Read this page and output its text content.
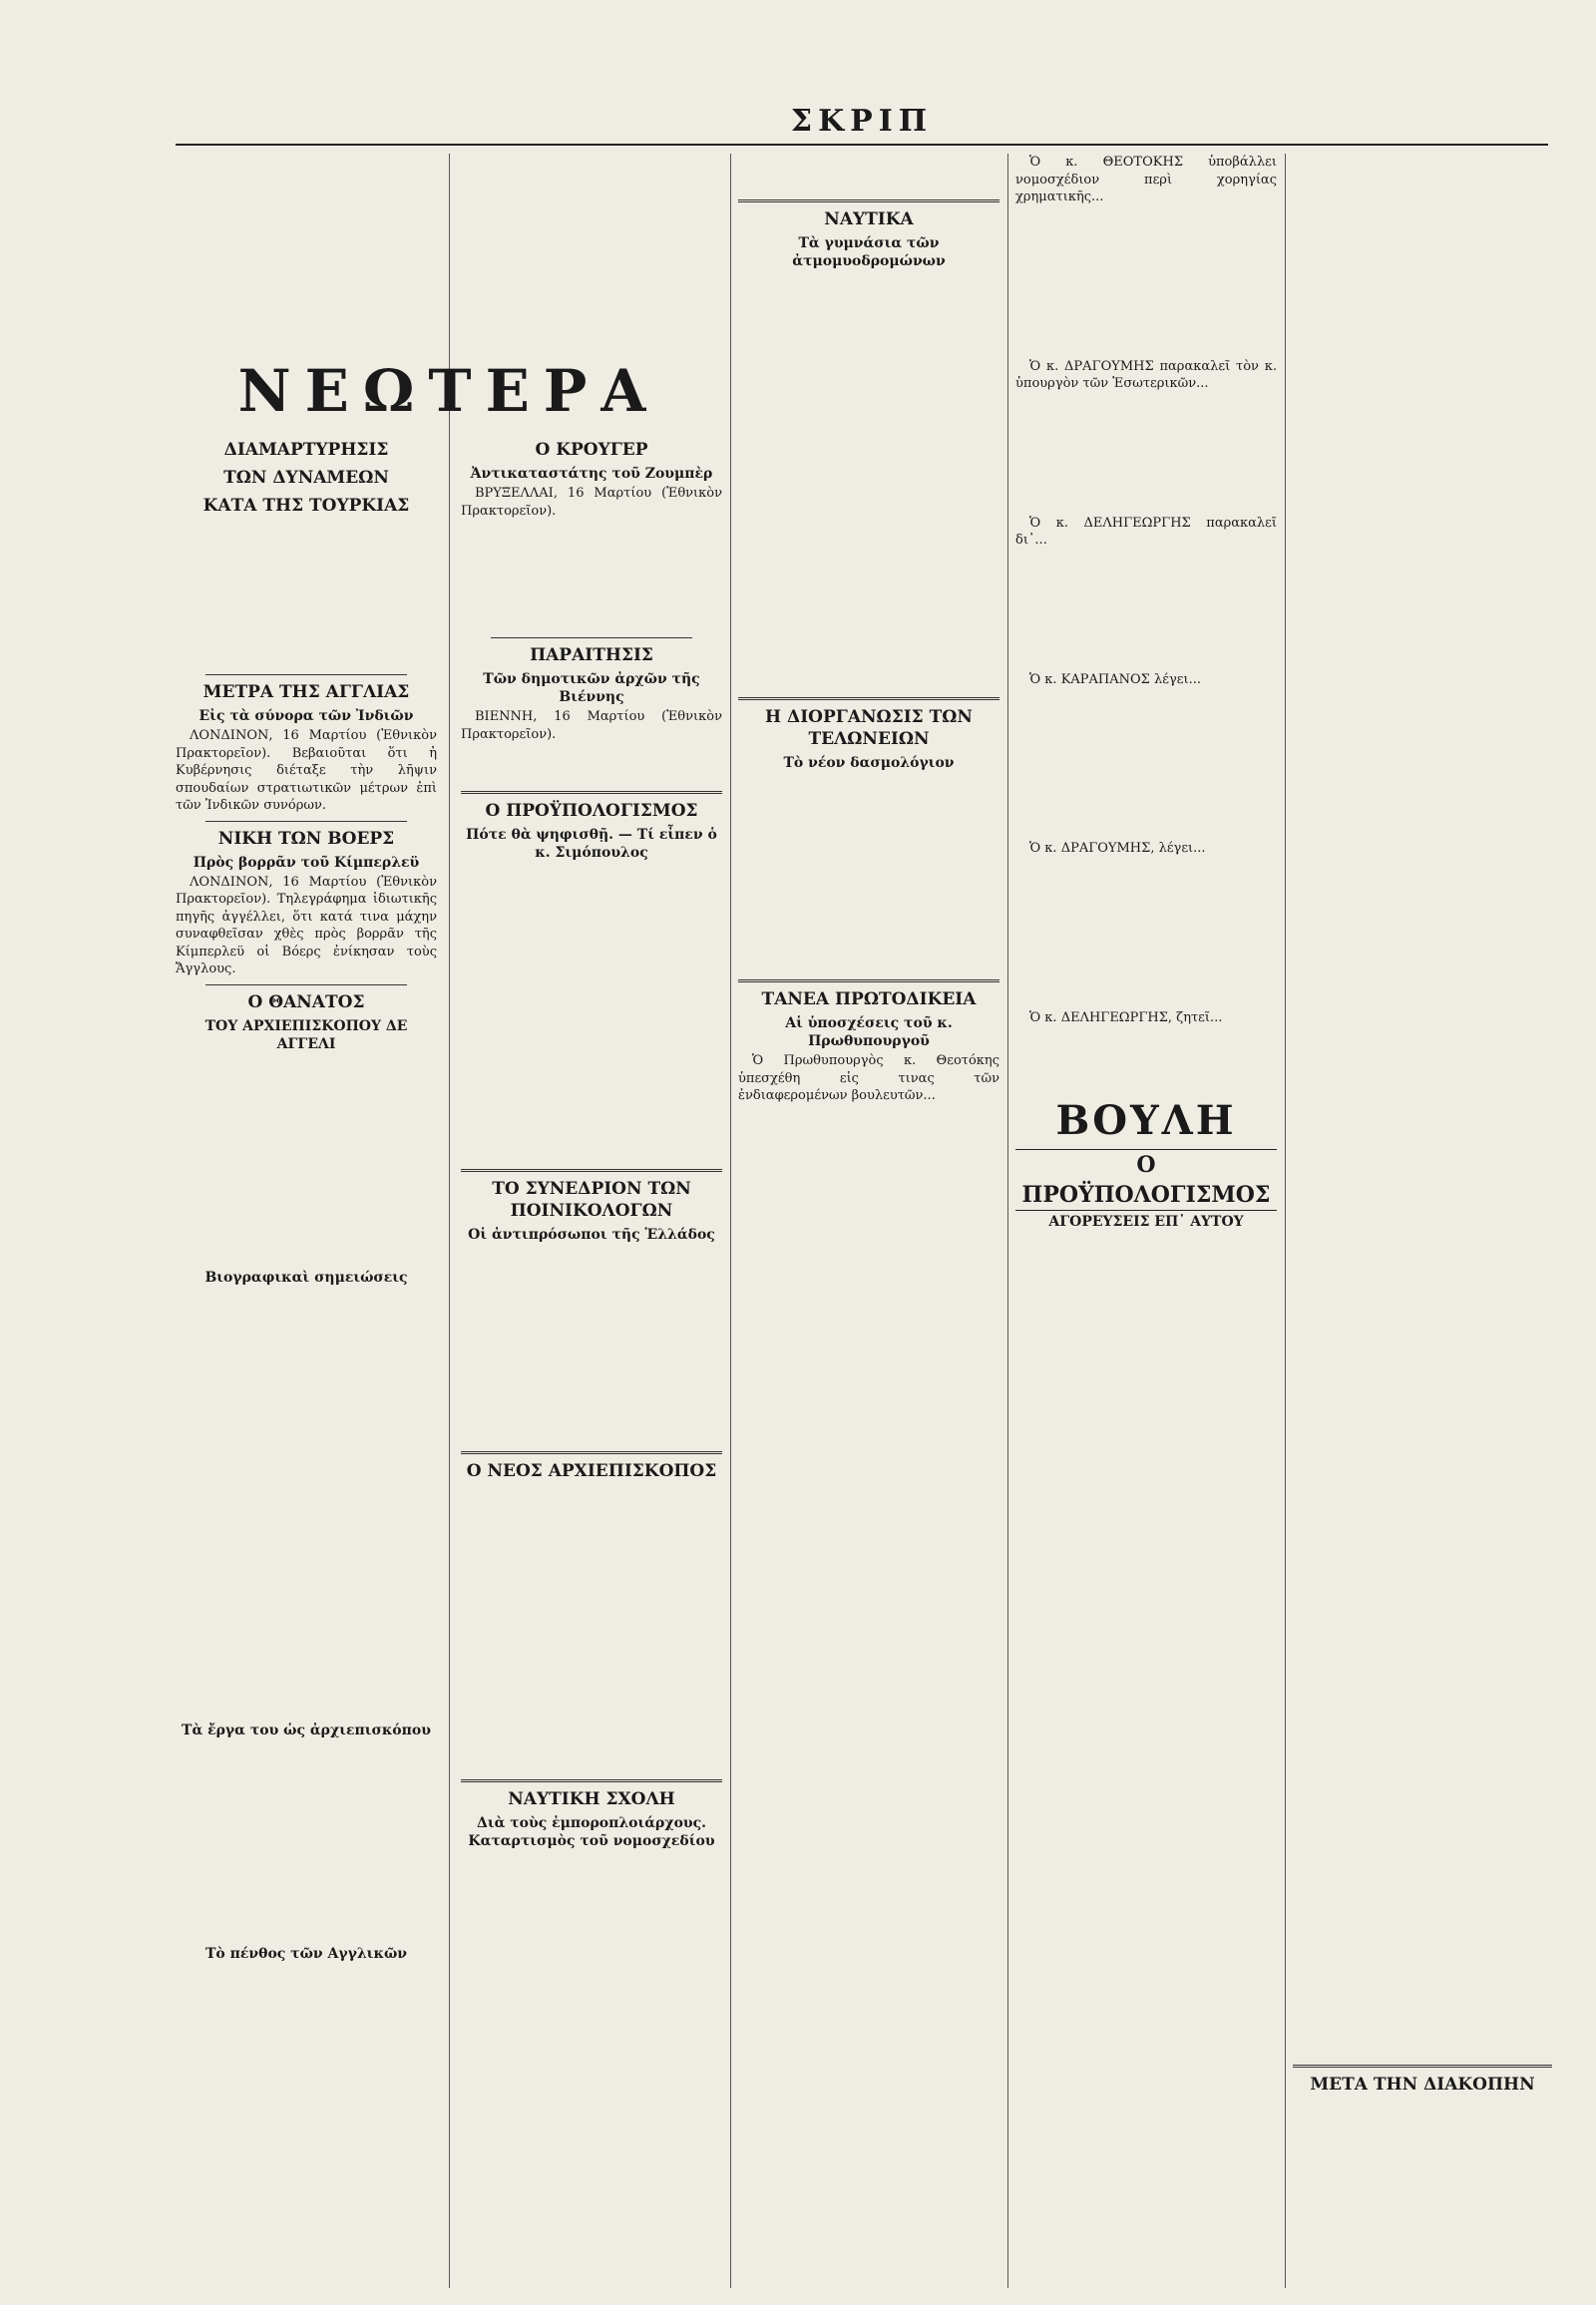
ΣΚΡΙΠ
ΔΙΑΜΑΡΤΥΡΗΣΙΣ
ΤΩΝ ΔΥΝΑΜΕΩΝ
ΚΑΤΑ ΤΗΣ ΤΟΥΡΚΙΑΣ
ΜΕΤΡΑ ΤΗΣ ΑΓΓΛΙΑΣ
Εἰς τὰ σύνορα τῶν Ἰνδιῶν

ΛΟΝΔΙΝΟΝ, 16 Μαρτίου (Ἐθνικὸν Πρακτορεῖον). Βεβαιοῦται ὅτι ἡ Κυβέρνησις διέταξε τὴν λῆψιν σπουδαίων στρατιωτικῶν μέτρων ἐπὶ τῶν Ἰνδικῶν συνόρων.

ΝΙΚΗ ΤΩΝ ΒΟΕΡΣ
Πρὸς βορρᾶν τοῦ Κίμπερλεϋ

ΛΟΝΔΙΝΟΝ, 16 Μαρτίου (Ἐθνικὸν Πρακτορεῖον). Τηλεγράφημα ἰδιωτικῆς πηγῆς ἀγγέλλει, ὅτι κατά τινα μάχην συναφθεῖσαν χθὲς πρὸς βορρᾶν τῆς Κίμπερλεϋ οἱ Βόερς ἐνίκησαν τοὺς Ἄγγλους.

Ο ΘΑΝΑΤΟΣ
ΤΟΥ ΑΡΧΙΕΠΙΣΚΟΠΟΥ ΔΕ ΑΓΓΕΛΙ
Βιογραφικαὶ σημειώσεις
Τὰ ἔργα του ὡς ἀρχιεπισκόπου
Τὸ πένθος τῶν Αγγλικῶν
ΝΕΩΤΕΡΑ
Ο ΚΡΟΥΓΕΡ
Ἀντικαταστάτης τοῦ Ζουμπὲρ

ΒΡΥΞΕΛΛΑΙ, 16 Μαρτίου (Ἐθνικὸν Πρακτορεῖον).

ΠΑΡΑΙΤΗΣΙΣ
Τῶν δημοτικῶν ἀρχῶν τῆς Βιέννης

ΒΙΕΝΝΗ, 16 Μαρτίου (Ἐθνικὸν Πρακτορεῖον).

Ο ΠΡΟΫΠΟΛΟΓΙΣΜΟΣ
Πότε θὰ ψηφισθῇ. — Τί εἶπεν ὁ κ. Σιμόπουλος
ΤΟ ΣΥΝΕΔΡΙΟΝ ΤΩΝ ΠΟΙΝΙΚΟΛΟΓΩΝ
Οἱ ἀντιπρόσωποι τῆς Ἑλλάδος
Ο ΝΕΟΣ ΑΡΧΙΕΠΙΣΚΟΠΟΣ
ΝΑΥΤΙΚΗ ΣΧΟΛΗ
Διὰ τοὺς ἐμποροπλοιάρχους. Καταρτισμὸς τοῦ νομοσχεδίου
ΝΑΥΤΙΚΑ
Τὰ γυμνάσια τῶν ἀτμομυοδρομώνων
Η ΔΙΟΡΓΑΝΩΣΙΣ ΤΩΝ ΤΕΛΩΝΕΙΩΝ
Τὸ νέον δασμολόγιον
ΤΑΝΕΑ ΠΡΩΤΟΔΙΚΕΙΑ
Αἱ ὑποσχέσεις τοῦ κ. Πρωθυπουργοῦ

Ὁ Πρωθυπουργὸς κ. Θεοτόκης ὑπεσχέθη εἰς τινας τῶν ἐνδιαφερομένων βουλευτῶν...

ΒΟΥΛΗ
Ο ΠΡΟΫΠΟΛΟΓΙΣΜΟΣ
ΑΓΟΡΕΥΣΕΙΣ ΕΠ᾿ ΑΥΤΟΥ

Ὁ κ. ΘΕΟΤΟΚΗΣ ὑποβάλλει νομοσχέδιον περὶ χορηγίας χρηματικῆς...

Ὁ κ. ΔΡΑΓΟΥΜΗΣ παρακαλεῖ τὸν κ. ὑπουργὸν τῶν Ἐσωτερικῶν...

Ὁ κ. ΔΕΛΗΓΕΩΡΓΗΣ παρακαλεῖ δι᾿...

Ὁ κ. ΚΑΡΑΠΑΝΟΣ λέγει...

Ὁ κ. ΔΡΑΓΟΥΜΗΣ, λέγει...

Ὁ κ. ΔΕΛΗΓΕΩΡΓΗΣ, ζητεῖ...

ΜΕΤΑ ΤΗΝ ΔΙΑΚΟΠΗΝ
